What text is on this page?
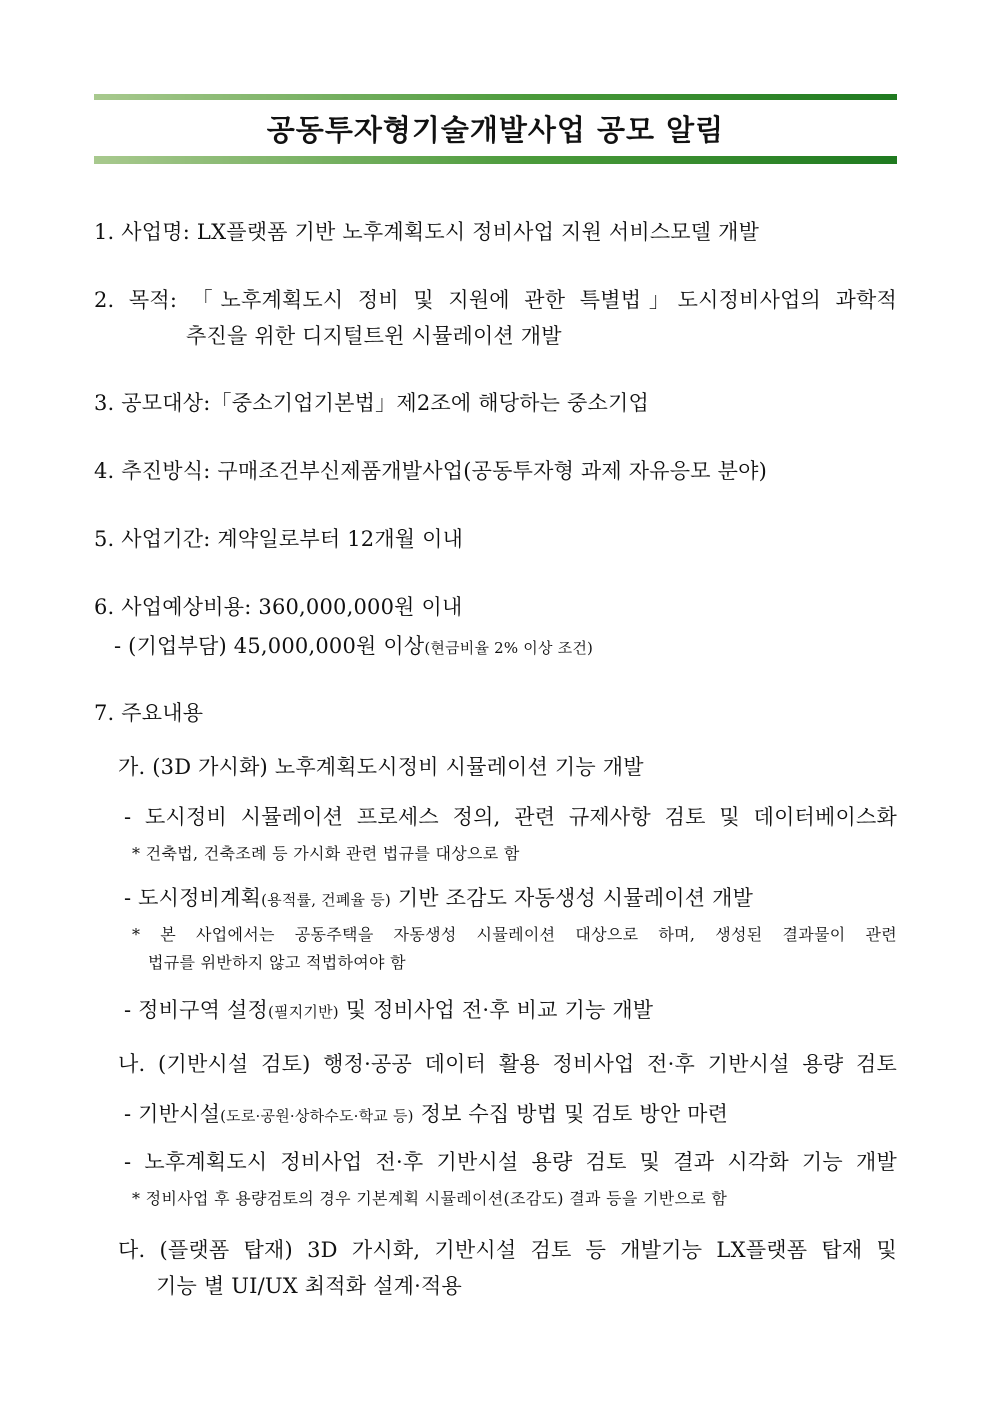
공동투자형기술개발사업 공모 알림
1. 사업명: LX플랫폼 기반 노후계획도시 정비사업 지원 서비스모델 개발
2. 목적: 「노후계획도시 정비 및 지원에 관한 특별법」도시정비사업의 과학적
추진을 위한 디지털트윈 시뮬레이션 개발
3. 공모대상:「중소기업기본법」제2조에 해당하는 중소기업
4. 추진방식: 구매조건부신제품개발사업(공동투자형 과제 자유응모 분야)
5. 사업기간: 계약일로부터 12개월 이내
6. 사업예상비용: 360,000,000원 이내
- (기업부담) 45,000,000원 이상(현금비율 2% 이상 조건)
7. 주요내용
가. (3D 가시화) 노후계획도시정비 시뮬레이션 기능 개발
- 도시정비 시뮬레이션 프로세스 정의, 관련 규제사항 검토 및 데이터베이스화
* 건축법, 건축조례 등 가시화 관련 법규를 대상으로 함
- 도시정비계획(용적률, 건폐율 등) 기반 조감도 자동생성 시뮬레이션 개발
* 본 사업에서는 공동주택을 자동생성 시뮬레이션 대상으로 하며, 생성된 결과물이 관련
법규를 위반하지 않고 적법하여야 함
- 정비구역 설정(필지기반) 및 정비사업 전·후 비교 기능 개발
나. (기반시설 검토) 행정·공공 데이터 활용 정비사업 전·후 기반시설 용량 검토
- 기반시설(도로·공원·상하수도·학교 등) 정보 수집 방법 및 검토 방안 마련
- 노후계획도시 정비사업 전·후 기반시설 용량 검토 및 결과 시각화 기능 개발
* 정비사업 후 용량검토의 경우 기본계획 시뮬레이션(조감도) 결과 등을 기반으로 함
다. (플랫폼 탑재) 3D 가시화, 기반시설 검토 등 개발기능 LX플랫폼 탑재 및
기능 별 UI/UX 최적화 설계·적용
